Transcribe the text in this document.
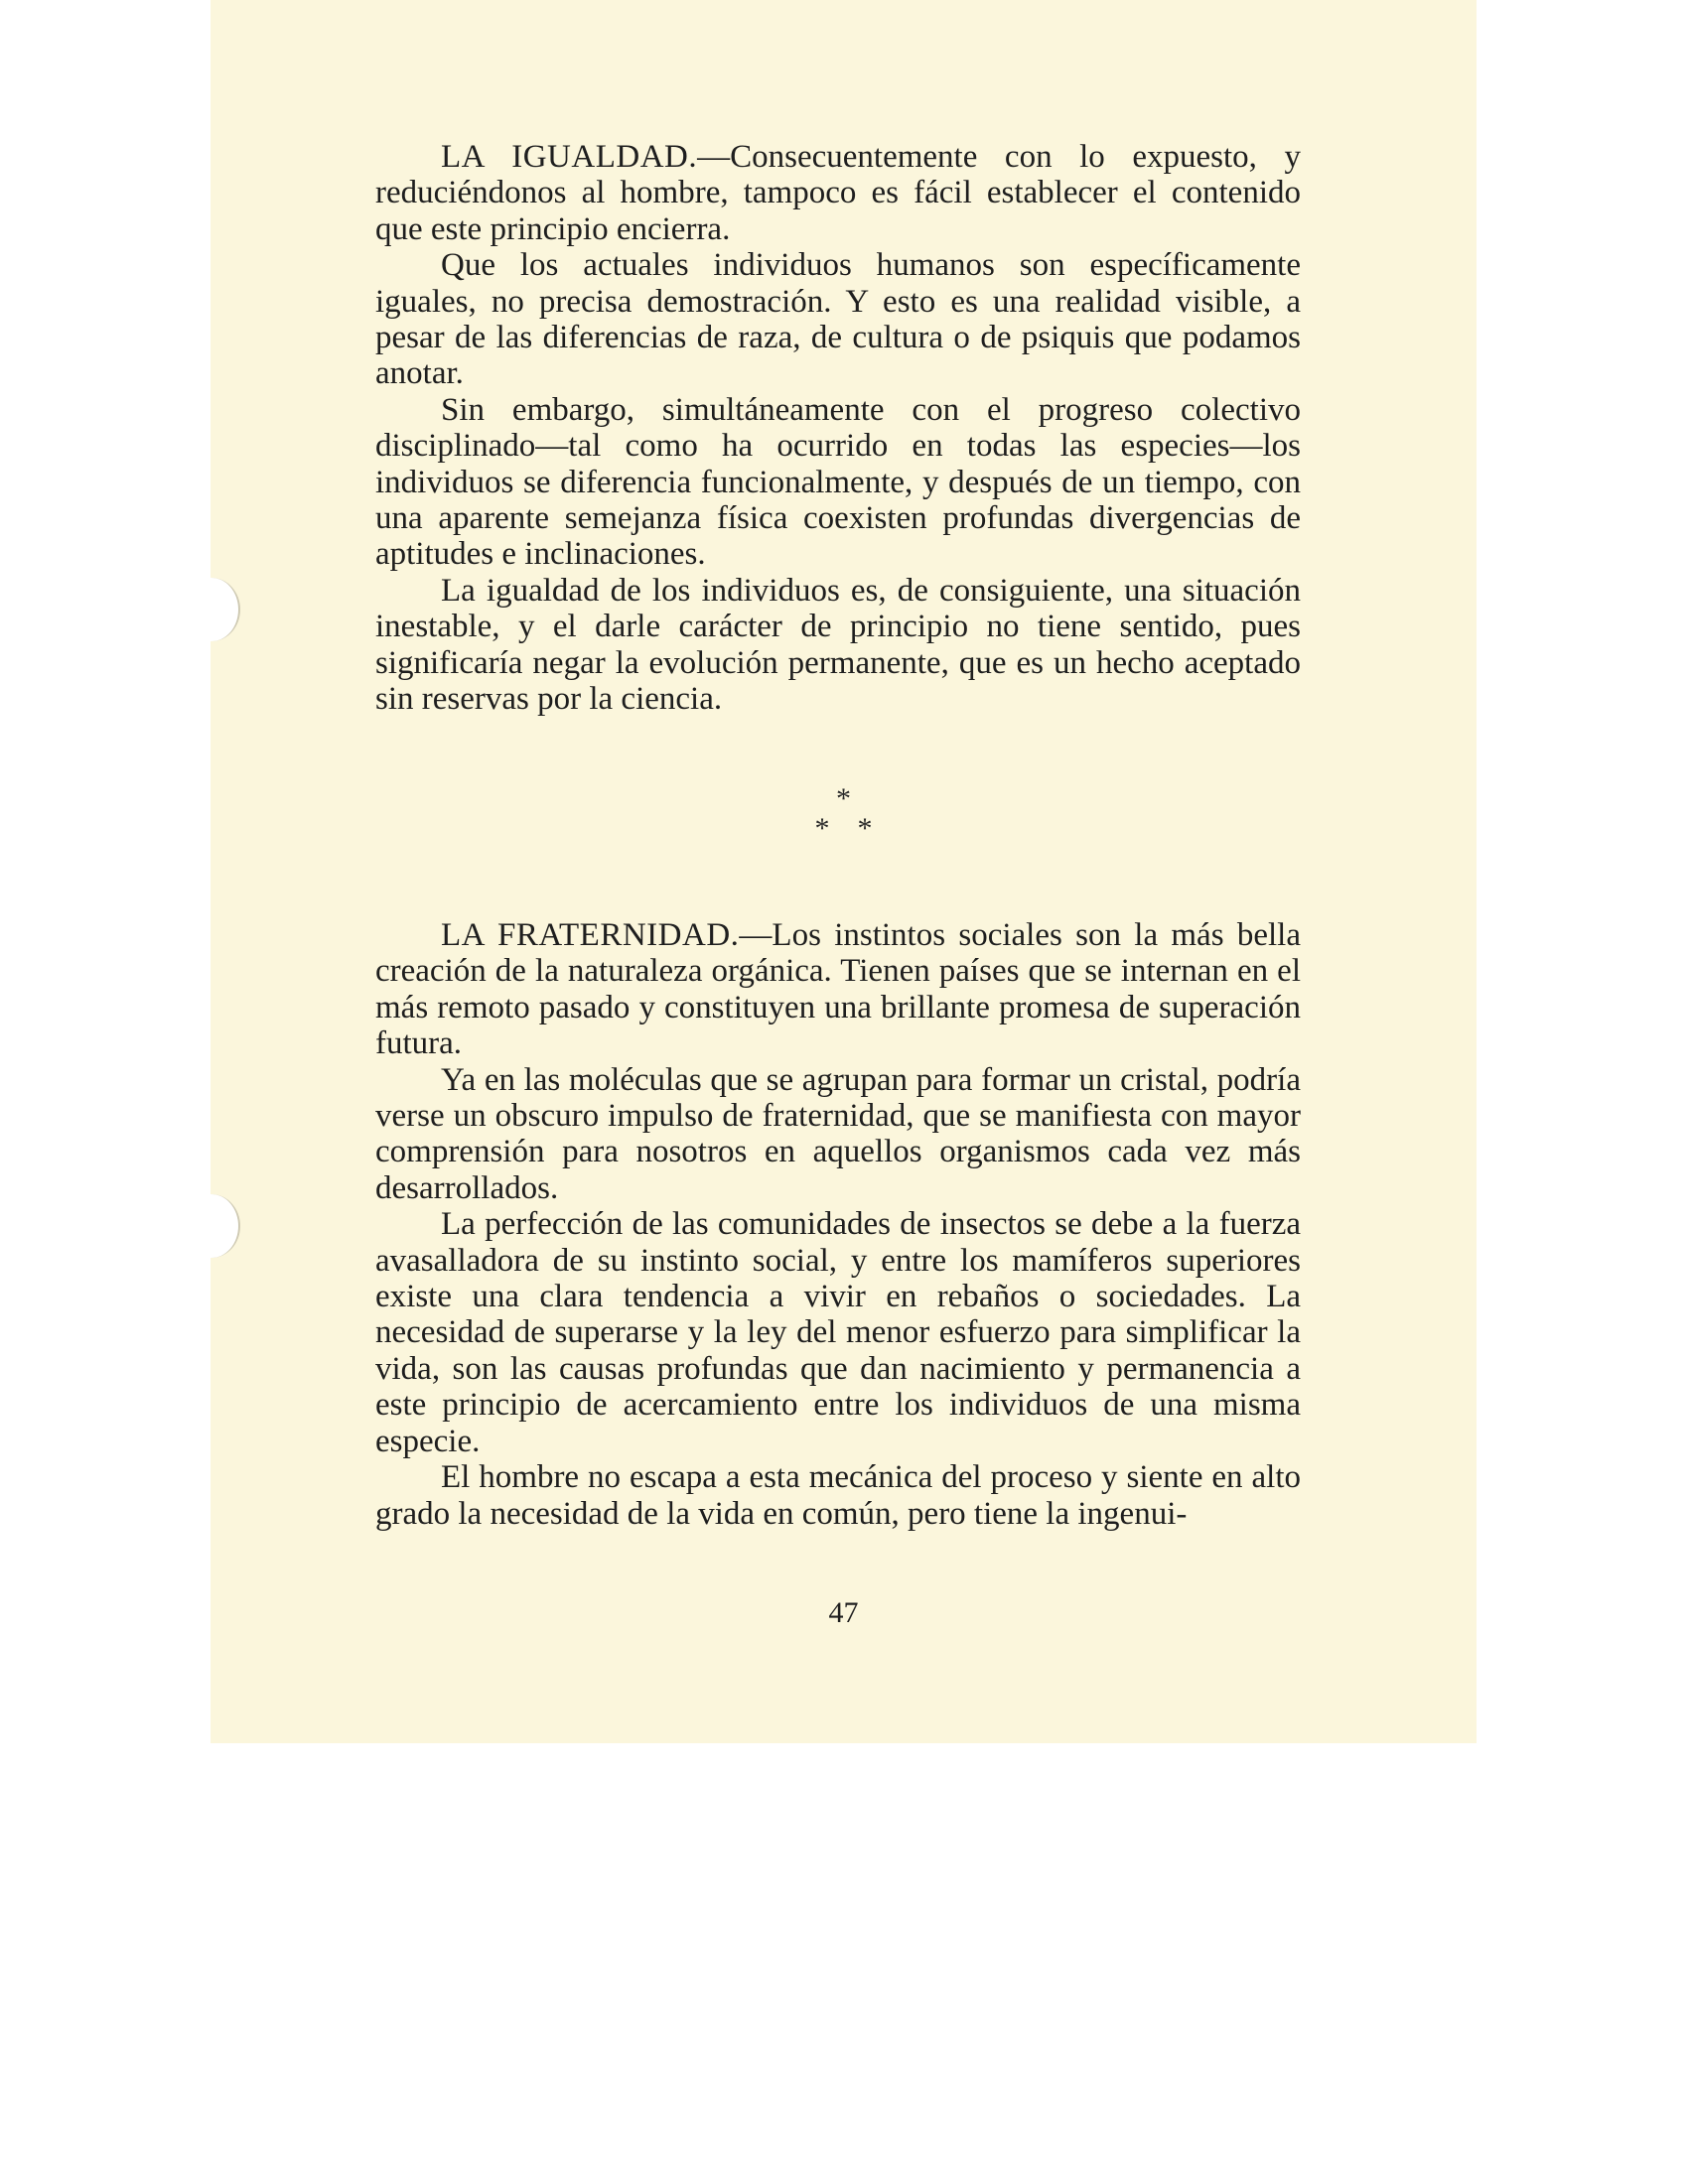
LA IGUALDAD.—Consecuentemente con lo expuesto, y reduciéndonos al hombre, tampoco es fácil establecer el contenido que este principio encierra.

Que los actuales individuos humanos son específicamente iguales, no precisa demostración. Y esto es una realidad visible, a pesar de las diferencias de raza, de cultura o de psiquis que podamos anotar.

Sin embargo, simultáneamente con el progreso colectivo disciplinado—tal como ha ocurrido en todas las especies—los individuos se diferencia funcionalmente, y después de un tiempo, con una aparente semejanza física coexisten profundas divergencias de aptitudes e inclinaciones.

La igualdad de los individuos es, de consiguiente, una situación inestable, y el darle carácter de principio no tiene sentido, pues significaría negar la evolución permanente, que es un hecho aceptado sin reservas por la ciencia.

*
* *

LA FRATERNIDAD.—Los instintos sociales son la más bella creación de la naturaleza orgánica. Tienen países que se internan en el más remoto pasado y constituyen una brillante promesa de superación futura.

Ya en las moléculas que se agrupan para formar un cristal, podría verse un obscuro impulso de fraternidad, que se manifiesta con mayor comprensión para nosotros en aquellos organismos cada vez más desarrollados.

La perfección de las comunidades de insectos se debe a la fuerza avasalladora de su instinto social, y entre los mamíferos superiores existe una clara tendencia a vivir en rebaños o sociedades. La necesidad de superarse y la ley del menor esfuerzo para simplificar la vida, son las causas profundas que dan nacimiento y permanencia a este principio de acercamiento entre los individuos de una misma especie.

El hombre no escapa a esta mecánica del proceso y siente en alto grado la necesidad de la vida en común, pero tiene la ingenui-

47
